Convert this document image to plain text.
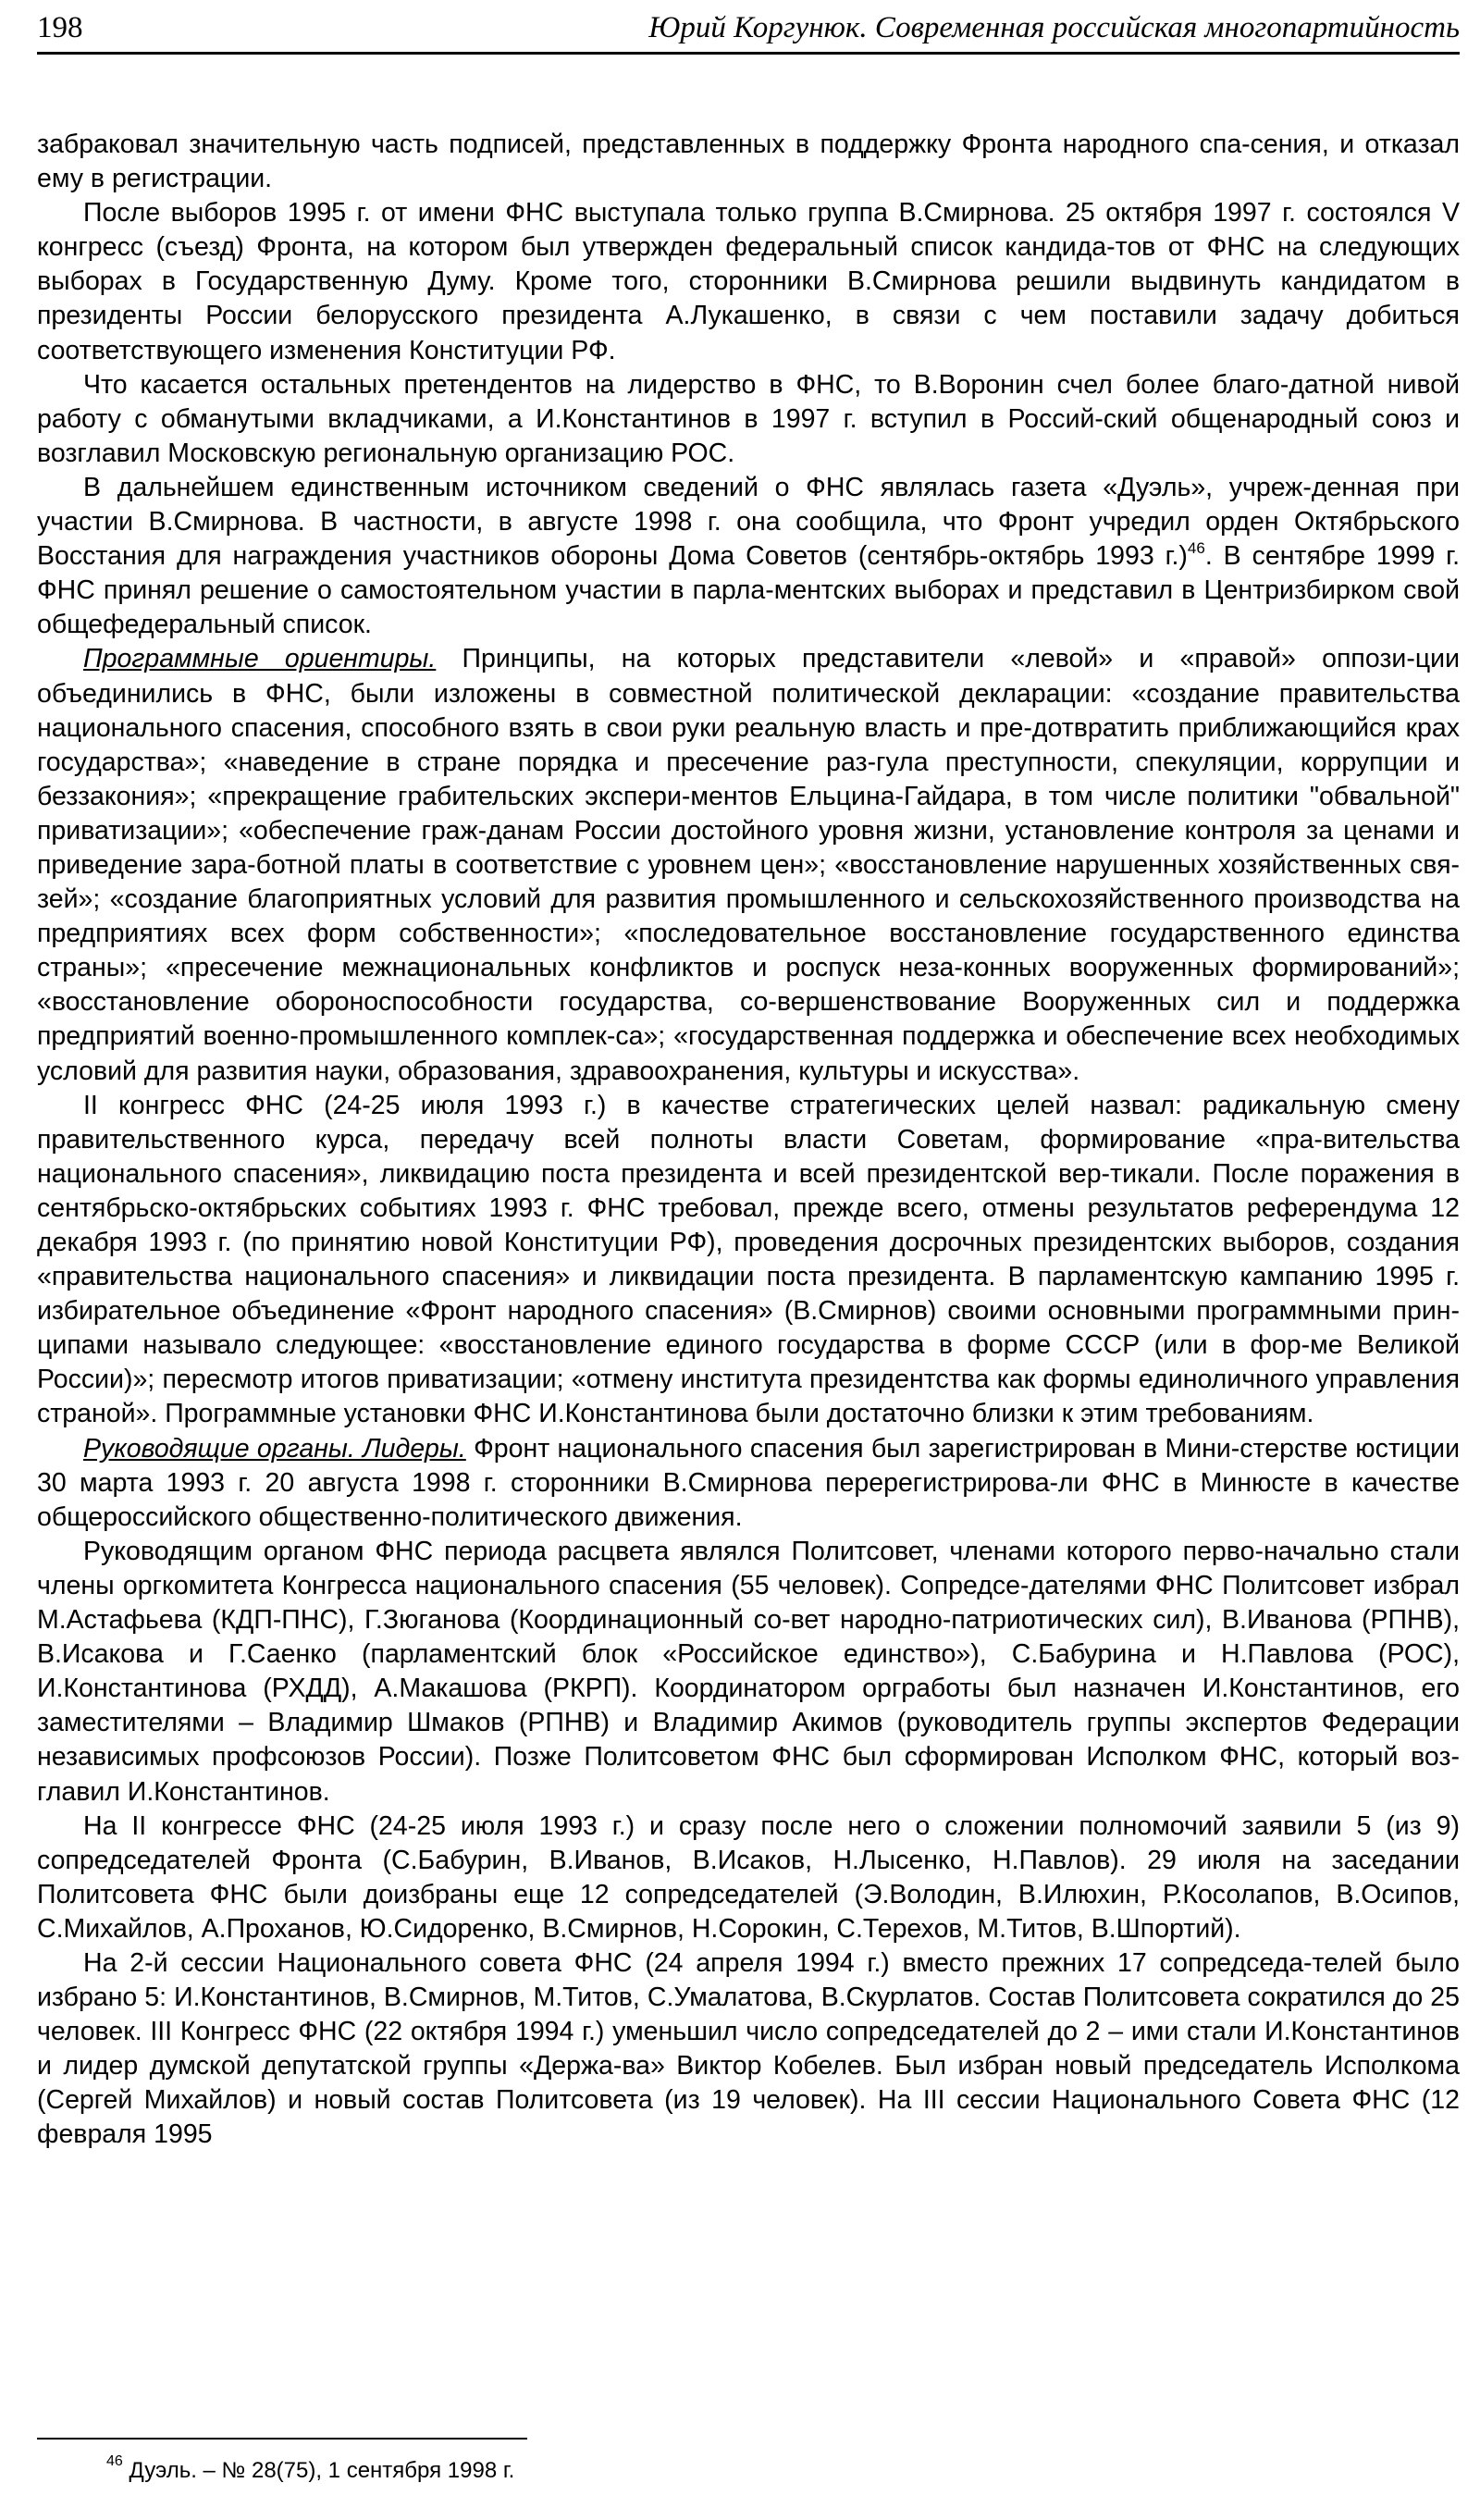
198	Юрий Коргунюк. Современная российская многопартийность

забраковал значительную часть подписей, представленных в поддержку Фронта народного спа-сения, и отказал ему в регистрации.

После выборов 1995 г. от имени ФНС выступала только группа В.Смирнова. 25 октября 1997 г. состоялся V конгресс (съезд) Фронта, на котором был утвержден федеральный список кандида-тов от ФНС на следующих выборах в Государственную Думу. Кроме того, сторонники В.Смирнова решили выдвинуть кандидатом в президенты России белорусского президента А.Лукашенко, в связи с чем поставили задачу добиться соответствующего изменения Конституции РФ.

Что касается остальных претендентов на лидерство в ФНС, то В.Воронин счел более благо-датной нивой работу с обманутыми вкладчиками, а И.Константинов в 1997 г. вступил в Россий-ский общенародный союз и возглавил Московскую региональную организацию РОС.

В дальнейшем единственным источником сведений о ФНС являлась газета «Дуэль», учреж-денная при участии В.Смирнова. В частности, в августе 1998 г. она сообщила, что Фронт учредил орден Октябрьского Восстания для награждения участников обороны Дома Советов (сентябрь-октябрь 1993 г.)$^{46}$. В сентябре 1999 г. ФНС принял решение о самостоятельном участии в парла-ментских выборах и представил в Центризбирком свой общефедеральный список.

Программные ориентиры. Принципы, на которых представители «левой» и «правой» оппози-ции объединились в ФНС, были изложены в совместной политической декларации: «создание правительства национального спасения, способного взять в свои руки реальную власть и пре-дотвратить приближающийся крах государства»; «наведение в стране порядка и пресечение раз-гула преступности, спекуляции, коррупции и беззакония»; «прекращение грабительских экспери-ментов Ельцина-Гайдара, в том числе политики "обвальной" приватизации»; «обеспечение граж-данам России достойного уровня жизни, установление контроля за ценами и приведение зара-ботной платы в соответствие с уровнем цен»; «восстановление нарушенных хозяйственных свя-зей»; «создание благоприятных условий для развития промышленного и сельскохозяйственного производства на предприятиях всех форм собственности»; «последовательное восстановление государственного единства страны»; «пресечение межнациональных конфликтов и роспуск неза-конных вооруженных формирований»; «восстановление обороноспособности государства, со-вершенствование Вооруженных сил и поддержка предприятий военно-промышленного комплек-са»; «государственная поддержка и обеспечение всех необходимых условий для развития науки, образования, здравоохранения, культуры и искусства».

II конгресс ФНС (24-25 июля 1993 г.) в качестве стратегических целей назвал: радикальную смену правительственного курса, передачу всей полноты власти Советам, формирование «пра-вительства национального спасения», ликвидацию поста президента и всей президентской вер-тикали. После поражения в сентябрьско-октябрьских событиях 1993 г. ФНС требовал, прежде всего, отмены результатов референдума 12 декабря 1993 г. (по принятию новой Конституции РФ), проведения досрочных президентских выборов, создания «правительства национального спасения» и ликвидации поста президента. В парламентскую кампанию 1995 г. избирательное объединение «Фронт народного спасения» (В.Смирнов) своими основными программными прин-ципами называло следующее: «восстановление единого государства в форме СССР (или в фор-ме Великой России)»; пересмотр итогов приватизации; «отмену института президентства как формы единоличного управления страной». Программные установки ФНС И.Константинова были достаточно близки к этим требованиям.

Руководящие органы. Лидеры. Фронт национального спасения был зарегистрирован в Мини-стерстве юстиции 30 марта 1993 г. 20 августа 1998 г. сторонники В.Смирнова перерегистрирова-ли ФНС в Минюсте в качестве общероссийского общественно-политического движения.

Руководящим органом ФНС периода расцвета являлся Политсовет, членами которого перво-начально стали члены оргкомитета Конгресса национального спасения (55 человек). Сопредсе-дателями ФНС Политсовет избрал М.Астафьева (КДП-ПНС), Г.Зюганова (Координационный со-вет народно-патриотических сил), В.Иванова (РПНВ), В.Исакова и Г.Саенко (парламентский блок «Российское единство»), С.Бабурина и Н.Павлова (РОС), И.Константинова (РХДД), А.Макашова (РКРП). Координатором оргработы был назначен И.Константинов, его заместителями – Владимир Шмаков (РПНВ) и Владимир Акимов (руководитель группы экспертов Федерации независимых профсоюзов России). Позже Политсоветом ФНС был сформирован Исполком ФНС, который воз-главил И.Константинов.

На II конгрессе ФНС (24-25 июля 1993 г.) и сразу после него о сложении полномочий заявили 5 (из 9) сопредседателей Фронта (С.Бабурин, В.Иванов, В.Исаков, Н.Лысенко, Н.Павлов). 29 июля на заседании Политсовета ФНС были доизбраны еще 12 сопредседателей (Э.Володин, В.Илюхин, Р.Косолапов, В.Осипов, С.Михайлов, А.Проханов, Ю.Сидоренко, В.Смирнов, Н.Сорокин, С.Терехов, М.Титов, В.Шпортий).

На 2-й сессии Национального совета ФНС (24 апреля 1994 г.) вместо прежних 17 сопредседа-телей было избрано 5: И.Константинов, В.Смирнов, М.Титов, С.Умалатова, В.Скурлатов. Состав Политсовета сократился до 25 человек. III Конгресс ФНС (22 октября 1994 г.) уменьшил число сопредседателей до 2 – ими стали И.Константинов и лидер думской депутатской группы «Держа-ва» Виктор Кобелев. Был избран новый председатель Исполкома (Сергей Михайлов) и новый состав Политсовета (из 19 человек). На III сессии Национального Совета ФНС (12 февраля 1995

$^{46}$ Дуэль. – № 28(75), 1 сентября 1998 г.
